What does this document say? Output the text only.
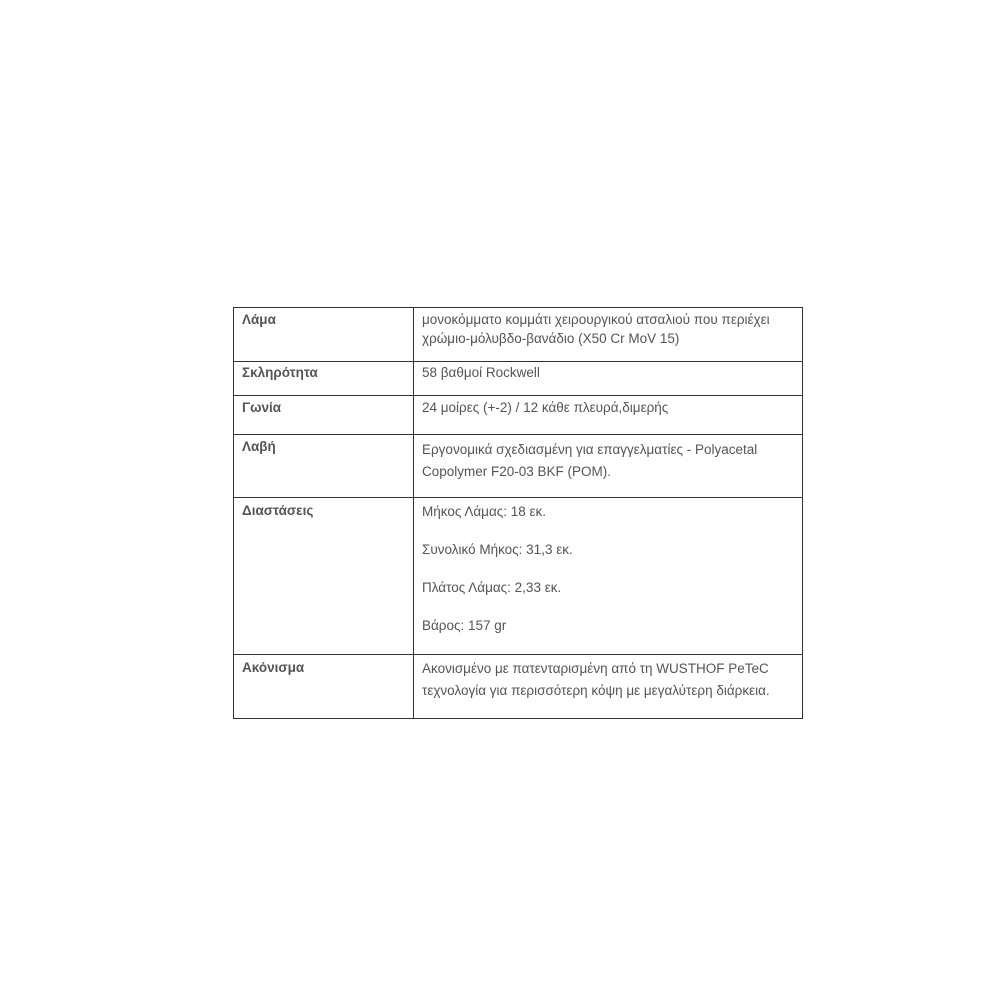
Λάμα	μονοκόμματο κομμάτι χειρουργικού ατσαλιού που περιέχει χρώμιο-μόλυβδο-βανάδιο (X50 Cr MoV 15)
Σκληρότητα	58 βαθμοί Rockwell
Γωνία	24 μοίρες (+-2) / 12 κάθε πλευρά,διμερής
Λαβή	Εργονομικά σχεδιασμένη για επαγγελματίες - Polyacetal Copolymer F20-03 BKF (POM).
Διαστάσεις	Μήκος Λάμας: 18 εκ.

Συνολικό Μήκος: 31,3 εκ.

Πλάτος Λάμας: 2,33 εκ.

Βάρος: 157 gr

Ακόνισμα	Ακονισμένο με πατενταρισμένη από τη WUSTHOF PeTeC τεχνολογία για περισσότερη κόψη με μεγαλύτερη διάρκεια.
